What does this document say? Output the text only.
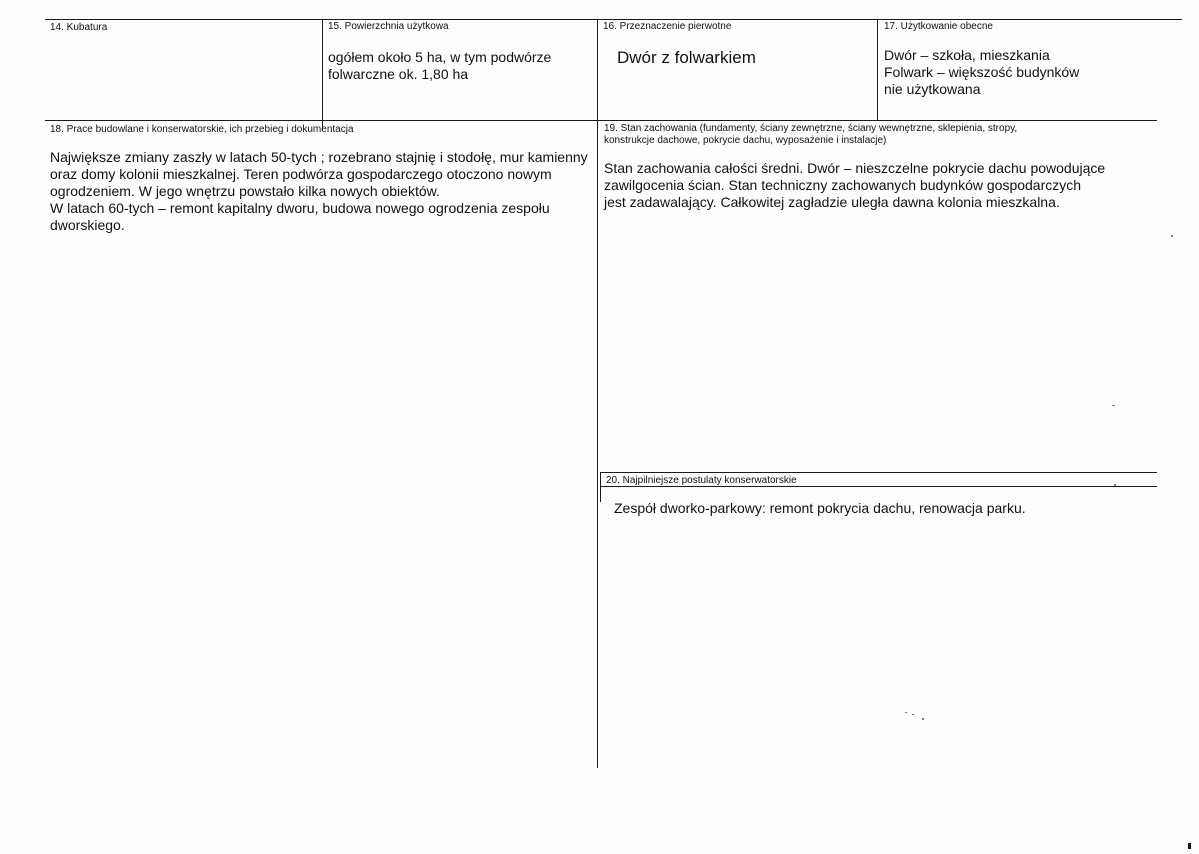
14. Kubatura	15. Powierzchnia użytkowa
ogółem około 5 ha, w tym podwórze
folwarczne ok. 1,80 ha
16. Przeznaczenie pierwotne
Dwór z folwarkiem
17. Użytkowanie obecne
Dwór – szkoła, mieszkania
Folwark – większość budynków
nie użytkowana
18. Prace budowlane i konserwatorskie, ich przebieg i dokumentacja
Największe zmiany zaszły w latach 50-tych ; rozebrano stajnię i stodołę, mur kamienny
oraz domy kolonii mieszkalnej. Teren podwórza gospodarczego otoczono nowym
ogrodzeniem. W jego wnętrzu powstało kilka nowych obiektów.
W latach 60-tych – remont kapitalny dworu, budowa nowego ogrodzenia zespołu
dworskiego.
19. Stan zachowania (fundamenty, ściany zewnętrzne, ściany wewnętrzne, sklepienia, stropy,
konstrukcje dachowe, pokrycie dachu, wyposażenie i instalacje)
Stan zachowania całości średni. Dwór – nieszczelne pokrycie dachu powodujące
zawilgocenia ścian. Stan techniczny zachowanych budynków gospodarczych
jest zadawalający. Całkowitej zagładzie uległa dawna kolonia mieszkalna.
20. Najpilniejsze postulaty konserwatorskie
Zespół dworko-parkowy: remont pokrycia dachu, renowacja parku.
